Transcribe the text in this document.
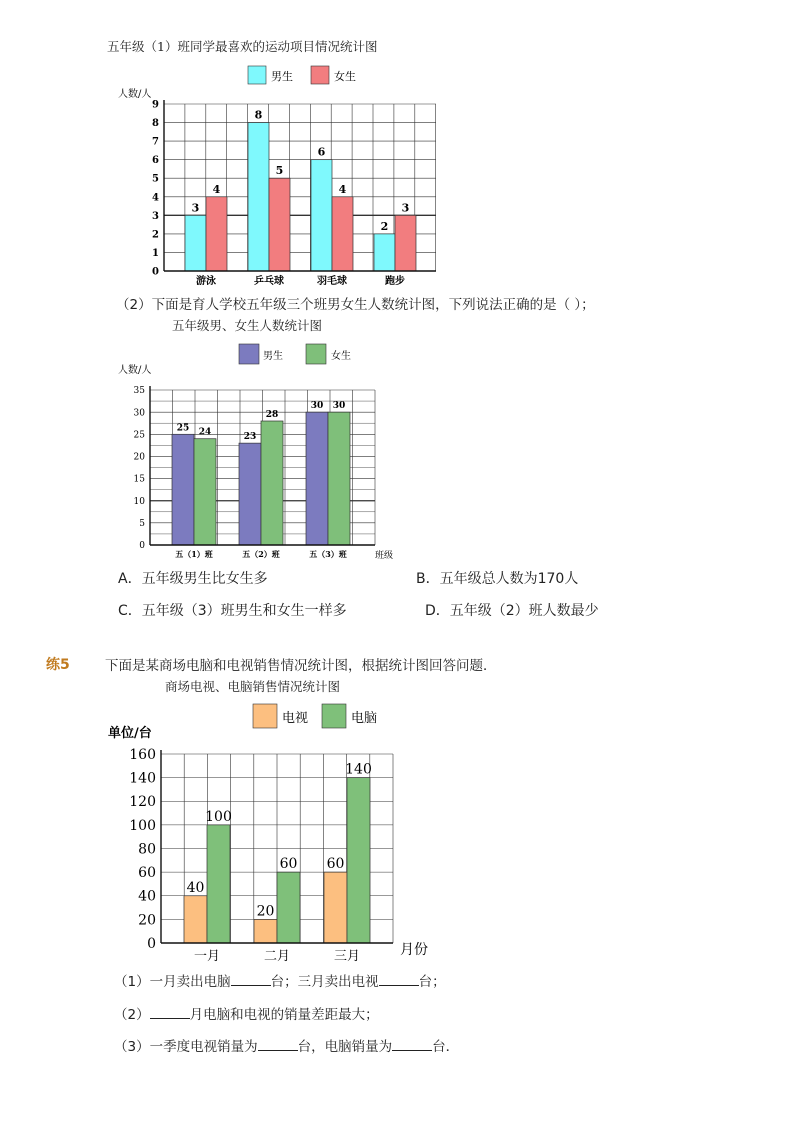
五年级（1）班同学最喜欢的运动项目情况统计图
男生	女生
人数/人
3
4
8
5
6
4
2
3
0
1
2
3
4
5
6
7
8
9
游泳	乒乓球	羽毛球	跑步
（2）下面是育人学校五年级三个班男女生人数统计图，下列说法正确的是（ ）；
五年级男、女生人数统计图
男生	女生
人数/人
班级
25 24	23
28
30 30
0
5
10
15
20
25
30
35
五（1）班	五（2）班	五（3）班
A．五年级男生比女生多	B．五年级总人数为170人
C．五年级（3）班男生和女生一样多	D．五年级（2）班人数最少
练5	下面是某商场电脑和电视销售情况统计图，根据统计图回答问题．
商场电视、电脑销售情况统计图
电视	电脑
单位/台
月份
40
100
20
60 60
140
0
20
40
60
80
100
120
140
160
一月	二月	三月
（1）一月卖出电脑	台；三月卖出电视	台；
（2）	月电脑和电视的销量差距最大；
（3）一季度电视销量为	台，电脑销量为	台．
